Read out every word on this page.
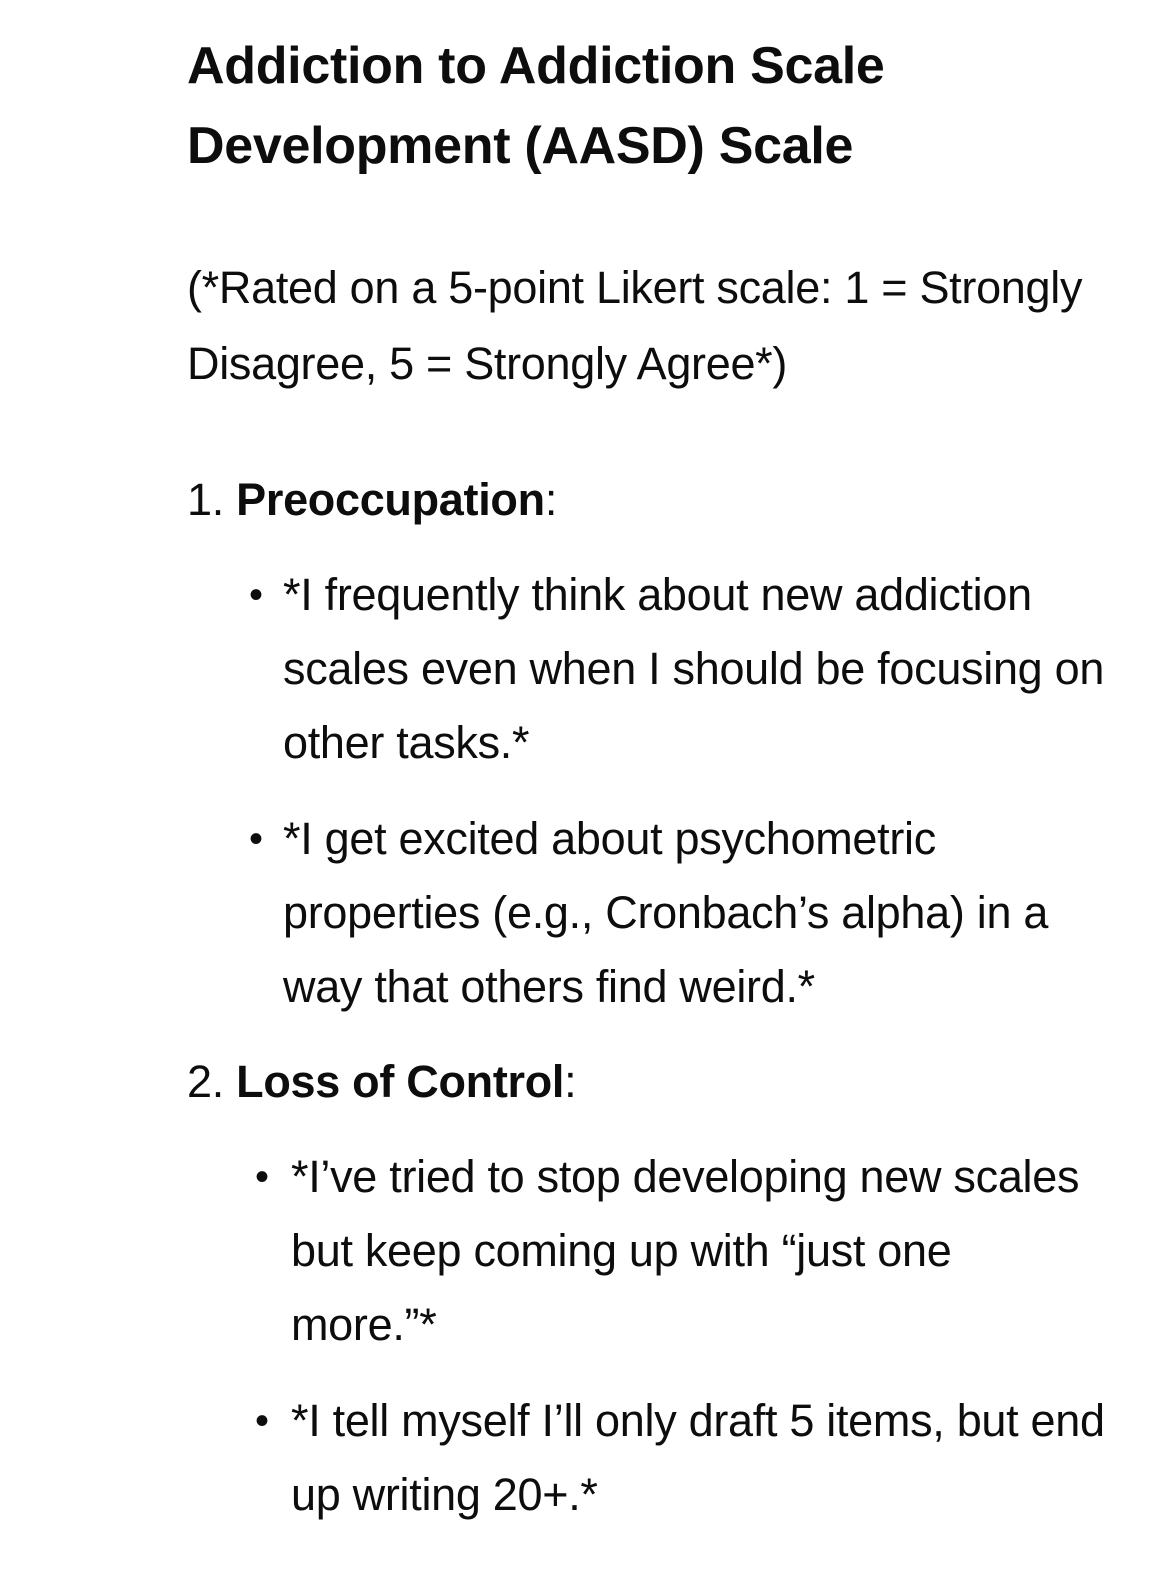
Addiction to Addiction Scale Development (AASD) Scale

(*Rated on a 5-point Likert scale: 1 = Strongly Disagree, 5 = Strongly Agree*)

1. Preoccupation:

• *I frequently think about new addiction scales even when I should be focusing on other tasks.*
• *I get excited about psychometric properties (e.g., Cronbach’s alpha) in a way that others find weird.*

2. Loss of Control:

• *I’ve tried to stop developing new scales but keep coming up with “just one more.”*
• *I tell myself I’ll only draft 5 items, but end up writing 20+.*
